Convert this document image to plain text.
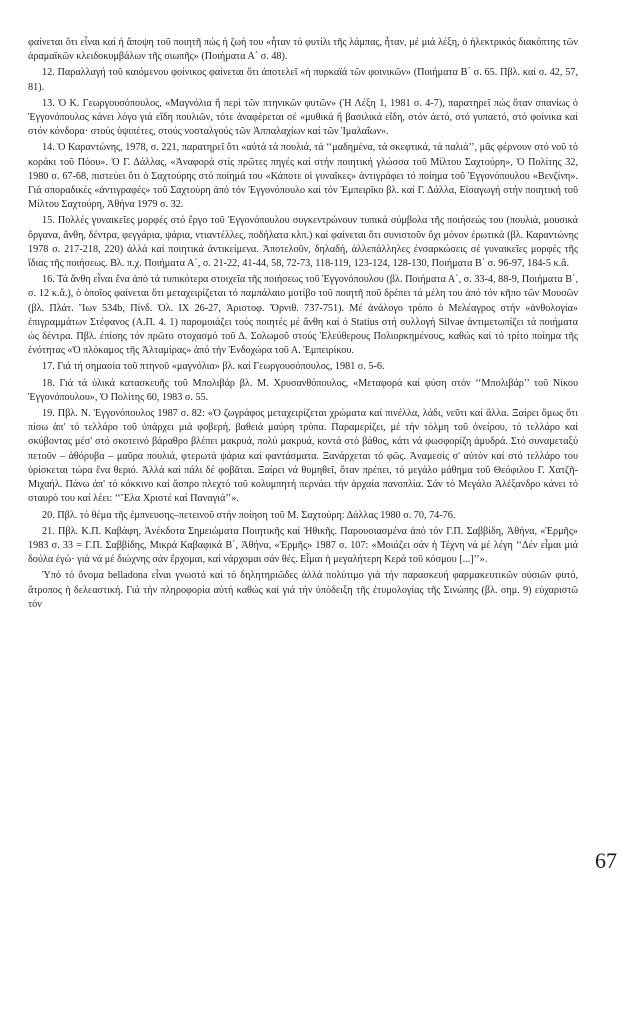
φαίνεται ὅτι εἶναι καί ἡ ἄποψη τοῦ ποιητῆ πώς ἡ ζωή του «ἦταν τό φυτίλι τῆς λάμπας, ἦταν, μέ μιά λέξη, ὁ ἠλεκτρικός διακόπτης τῶν ἀραμαϊκῶν κλειδοκυμβάλων τῆς σιωπῆς» (Ποιήματα Α΄ σ. 48).

12. Παραλλαγή τοῦ καιόμενου φοίνικος φαίνεται ὅτι ἀποτελεῖ «ἡ πυρκαϊά τῶν φοινικῶν» (Ποιήματα Β΄ σ. 65. Πβλ. καί σ. 42, 57, 81).

13. Ὁ Κ. Γεωργουσόπουλος, «Μαγνόλια ἤ περί τῶν πτηνικῶν φυτῶν» (Ἡ Λέξη 1, 1981 σ. 4-7), παρατηρεῖ πώς ὅταν σπανίως ὁ Ἐγγονόπουλος κάνει λόγο γιά εἴδη πουλιῶν, τότε ἀναφέρεται σέ «μυθικά ἤ βασιλικά εἴδη, στόν ἀετό, στό γυπαετό, στό φοίνικα καί στόν κόνδορα· στούς ὑψιπέτες, στούς νοσταλγούς τῶν Ἀππαλαχίων καί τῶν Ἰμαλαΐων».

14. Ὁ Καραντώνης, 1978, σ. 221, παρατηρεῖ ὅτι «αὐτά τά πουλιά, τά ‘‘μαδημένα, τά σκεφτικά, τά παλιά’’, μᾶς φέρνουν στό νοῦ τό κοράκι τοῦ Πόου». Ὁ Γ. Δάλλας, «Ἀναφορά στίς πρῶτες πηγές καί στήν ποιητική γλώσσα τοῦ Μίλτου Σαχτούρη», Ὁ Πολίτης 32, 1980 σ. 67-68, πιστεύει ὅτι ὁ Σαχτούρης στό ποίημά του «Κάποτε οἱ γυναῖκες» ἀντιγράφει τό ποίημα τοῦ Ἐγγονόπουλου «Βενζίνη». Γιά σποραδικές «ἀντιγραφές» τοῦ Σαχτούρη ἀπό τόν Ἐγγονόπουλο καί τόν Ἐμπειρῖκο βλ. καί Γ. Δάλλα, Εἰσαγωγή στήν ποιητική τοῦ Μίλτου Σαχτούρη, Ἀθήνα 1979 σ. 32.

15. Πολλές γυναικεῖες μορφές στό ἔργο τοῦ Ἐγγονόπουλου συγκεντρώνουν τυπικά σύμβολα τῆς ποιήσεώς του (πουλιά, μουσικά ὄργανα, ἄνθη, δέντρα, φεγγάρια, ψάρια, ντιαντέλλες, ποδήλατα κλπ.) καί φαίνεται ὅτι συνιστοῦν ὄχι μόνον ἐρωτικά (βλ. Καραντώνης 1978 σ. 217-218, 220) ἀλλά καί ποιητικά ἀντικείμενα. Ἀποτελοῦν, δηλαδή, ἀλλεπάλληλες ἐνσαρκώσεις σέ γυναικεῖες μορφές τῆς ἴδιας τῆς ποιήσεως. Βλ. π.χ. Ποιήματα Α΄, σ. 21-22, 41-44, 58, 72-73, 118-119, 123-124, 128-130, Ποιήματα Β΄ σ. 96-97, 184-5 κ.ἄ.

16. Τά ἄνθη εἶναι ἕνα ἀπό τά τυπικότερα στοιχεῖα τῆς ποιήσεως τοῦ Ἐγγονόπουλου (βλ. Ποιήματα Α΄, σ. 33-4, 88-9, Ποιήματα Β΄, σ. 12 κ.ἄ.), ὁ ὁποῖος φαίνεται ὅτι μεταχειρίζεται τό παμπάλαιο μοτίβο τοῦ ποιητῆ ποῦ δρέπει τά μέλη του ἀπό τόν κῆπο τῶν Μουσῶν (βλ. Πλάτ. Ἴων 534b, Πίνδ. Ὀλ. IX 26-27, Ἀριστοφ. Ὄρνιθ. 737-751). Μέ ἀνάλογο τρόπο ὁ Μελέαγρος στήν «ἀνθολογία» ἐπιγραμμάτων Στέφανος (Α.Π. 4. 1) παρομοιάζει τούς ποιητές μέ ἄνθη καί ὁ Statius στή συλλογή Silvae ἀντιμετωπίζει τά ποιήματα ὡς δέντρα. Πβλ. ἐπίσης τόν πρῶτο στοχασμό τοῦ Δ. Σολωμοῦ στούς Ἐλεύθερους Πολιορκημένους, καθώς καί τό τρίτο ποίημα τῆς ἑνότητας «Ὁ πλόκαμος τῆς Ἀλταμίρας» ἀπό τήν Ἐνδοχώρα τοῦ Α. Ἐμπειρίκου.

17. Γιά τή σημασία τοῦ πτηνοῦ «μαγνόλια» βλ. καί Γεωργουσόπουλος, 1981 σ. 5-6.

18. Γιά τά ὑλικά κατασκευῆς τοῦ Μπολιβάρ βλ. Μ. Χρυσανθόπουλος, «Μεταφορά καί φύση στόν ‘‘Μπολιβάρ’’ τοῦ Νίκου Ἐγγονόπουλου», Ὁ Πολίτης 60, 1983 σ. 55.

19. Πβλ. Ν. Ἐγγονόπουλος 1987 σ. 82: «Ὁ ζωγράφος μεταχειρίζεται χρώματα καί πινέλλα, λάδι, νεῦτι καί ἄλλα. Ξαίρει ὅμως ὅτι πίσω ἀπ' τό τελλάρο τοῦ ὑπάρχει μιά φοβερή, βαθειά μαύρη τρύπα. Παραμερίζει, μέ τήν τόλμη τοῦ ὀνείρου, τό τελλάρο καί σκύβοντας μέσ' στό σκοτεινό βάραθρο βλέπει μακρυά, πολύ μακρυά, κοντά στό βάθος, κάτι νά φωσφορίζη ἀμυδρά. Στό συναμεταξύ πετοῦν – ἀθόρυβα – μαῦρα πουλιά, φτερωτά ψάρια καί φαντάσματα. Ξανάρχεται τό φῶς. Ἀναμεσίς σ' αὐτόν καί στό τελλάρο του ὑρίσκεται τώρα ἕνα θεριό. Ἀλλά καί πάλι δέ φοβᾶται. Ξαίρει νά θυμηθεῖ, ὅταν πρέπει, τό μεγάλο μάθημα τοῦ Θεόφιλου Γ. Χατζῆ-Μιχαήλ. Πάνω ἀπ' τό κόκκινο καί ἄσπρο πλεχτό τοῦ κολυμπητή περνάει τήν ἀρχαία πανοπλία. Σάν τό Μεγάλο Ἀλέξανδρο κάνει τό σταυρό του καί λέει: ‘‘Ἔλα Χριστέ καί Παναγιά’’».

20. Πβλ. τό θέμα τῆς ἐμπνευσης–πετεινοῦ στήν ποίηση τοῦ Μ. Σαχτούρη: Δάλλας 1980 σ. 70, 74-76.

21. Πβλ. Κ.Π. Καβάφη, Ἀνέκδοτα Σημειώματα Ποιητικῆς καί Ἠθικῆς. Παρουσιασμένα ἀπό τόν Γ.Π. Σαββίδη, Ἀθήνα, «Ἑρμῆς» 1983 σ. 33 = Γ.Π. Σαββίδης, Μικρά Καβαφικά Β΄, Ἀθήνα, «Ἑρμῆς» 1987 σ. 107: «Μοιάζει σάν ἡ Τέχνη νά μέ λέγη ‘‘Δέν εἶμαι μιά δούλα ἐγώ· γιά νά μέ διώχνης σάν ἔρχομαι, καί νάρχομαι σάν θές. Εἶμαι ἡ μεγαλήτερη Κερά τοῦ κόσμου [...]’’».

Ὑπό τό ὄνομα belladona εἶναι γνωστό καί τό δηλητηριῶδες ἀλλά πολύτιμο γιά τήν παρασκευή φαρμακευτικῶν οὐσιῶν φυτό, ἄτροπος ἡ δελεαστική. Γιά τήν πληροφορία αὐτή καθώς καί γιά τήν ὑπόδειξη τῆς ἐτυμολογίας τῆς Σινώπης (βλ. σημ. 9) εὐχαριστῶ τόν

67
